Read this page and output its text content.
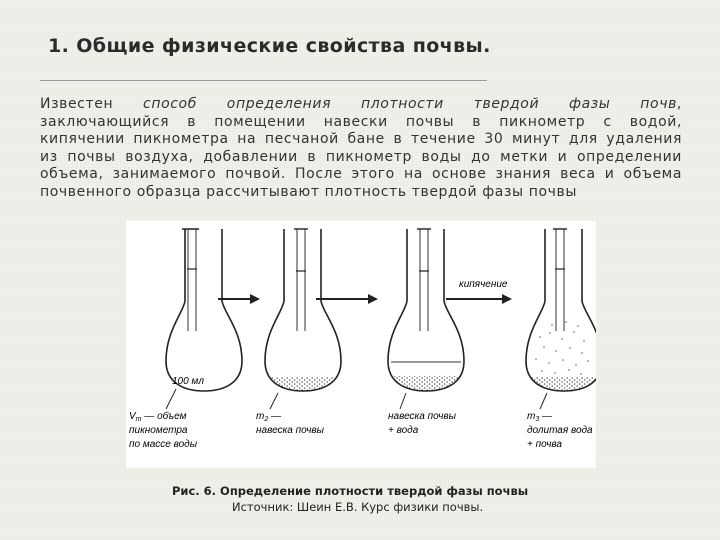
1. Общие физические свойства почвы.
Известен способ определения плотности твердой фазы почв,
заключающийся в помещении навески почвы в пикнометр с водой,
кипячении пикнометра на песчаной бане в течение 30 минут для удаления
из почвы воздуха, добавлении в пикнометр воды до метки и определении
объема, занимаемого почвой. После этого на основе знания веса и объема
почвенного образца рассчитывают плотность твердой фазы почвы
100 мл
кипячение
$V_т$ — объем
пикнометра
по массе воды
$m_2$ —
навеска почвы
навеска почвы
+ вода
$m_3$ —
долитая вода
+ почва
Рис. 6. Определение плотности твердой фазы почвы
Источник: Шеин Е.В. Курс физики почвы.
